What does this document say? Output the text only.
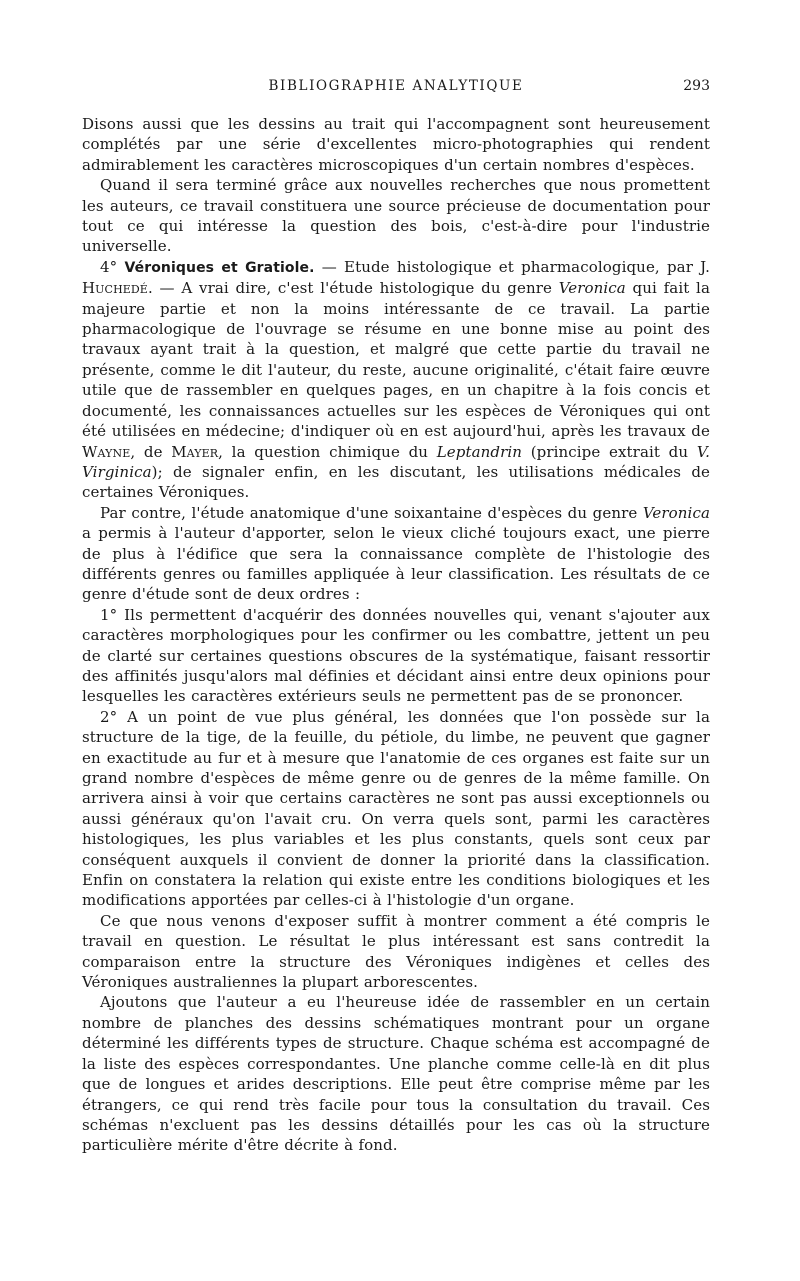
BIBLIOGRAPHIE ANALYTIQUE	293

Disons aussi que les dessins au trait qui l'accompagnent sont heureusement complétés par une série d'excellentes micro-photographies qui rendent admirablement les caractères microscopiques d'un certain nombres d'espèces.

Quand il sera terminé grâce aux nouvelles recherches que nous promettent les auteurs, ce travail constituera une source précieuse de documentation pour tout ce qui intéresse la question des bois, c'est-à-dire pour l'industrie universelle.

4° Véroniques et Gratiole. — Etude histologique et pharmacologique, par J. Huchedé. — A vrai dire, c'est l'étude histologique du genre Veronica qui fait la majeure partie et non la moins intéressante de ce travail. La partie pharmacologique de l'ouvrage se résume en une bonne mise au point des travaux ayant trait à la question, et malgré que cette partie du travail ne présente, comme le dit l'auteur, du reste, aucune originalité, c'était faire œuvre utile que de rassembler en quelques pages, en un chapitre à la fois concis et documenté, les connaissances actuelles sur les espèces de Véroniques qui ont été utilisées en médecine; d'indiquer où en est aujourd'hui, après les travaux de Wayne, de Mayer, la question chimique du Leptandrin (principe extrait du V. Virginica); de signaler enfin, en les discutant, les utilisations médicales de certaines Véroniques.

Par contre, l'étude anatomique d'une soixantaine d'espèces du genre Veronica a permis à l'auteur d'apporter, selon le vieux cliché toujours exact, une pierre de plus à l'édifice que sera la connaissance complète de l'histologie des différents genres ou familles appliquée à leur classification. Les résultats de ce genre d'étude sont de deux ordres :

1° Ils permettent d'acquérir des données nouvelles qui, venant s'ajouter aux caractères morphologiques pour les confirmer ou les combattre, jettent un peu de clarté sur certaines questions obscures de la systématique, faisant ressortir des affinités jusqu'alors mal définies et décidant ainsi entre deux opinions pour lesquelles les caractères extérieurs seuls ne permettent pas de se prononcer.

2° A un point de vue plus général, les données que l'on possède sur la structure de la tige, de la feuille, du pétiole, du limbe, ne peuvent que gagner en exactitude au fur et à mesure que l'anatomie de ces organes est faite sur un grand nombre d'espèces de même genre ou de genres de la même famille. On arrivera ainsi à voir que certains caractères ne sont pas aussi exceptionnels ou aussi généraux qu'on l'avait cru. On verra quels sont, parmi les caractères histologiques, les plus variables et les plus constants, quels sont ceux par conséquent auxquels il convient de donner la priorité dans la classification. Enfin on constatera la relation qui existe entre les conditions biologiques et les modifications apportées par celles-ci à l'histologie d'un organe.

Ce que nous venons d'exposer suffit à montrer comment a été compris le travail en question. Le résultat le plus intéressant est sans contredit la comparaison entre la structure des Véroniques indigènes et celles des Véroniques australiennes la plupart arborescentes.

Ajoutons que l'auteur a eu l'heureuse idée de rassembler en un certain nombre de planches des dessins schématiques montrant pour un organe déterminé les différents types de structure. Chaque schéma est accompagné de la liste des espèces correspondantes. Une planche comme celle-là en dit plus que de longues et arides descriptions. Elle peut être comprise même par les étrangers, ce qui rend très facile pour tous la consultation du travail. Ces schémas n'excluent pas les dessins détaillés pour les cas où la structure particulière mérite d'être décrite à fond.
